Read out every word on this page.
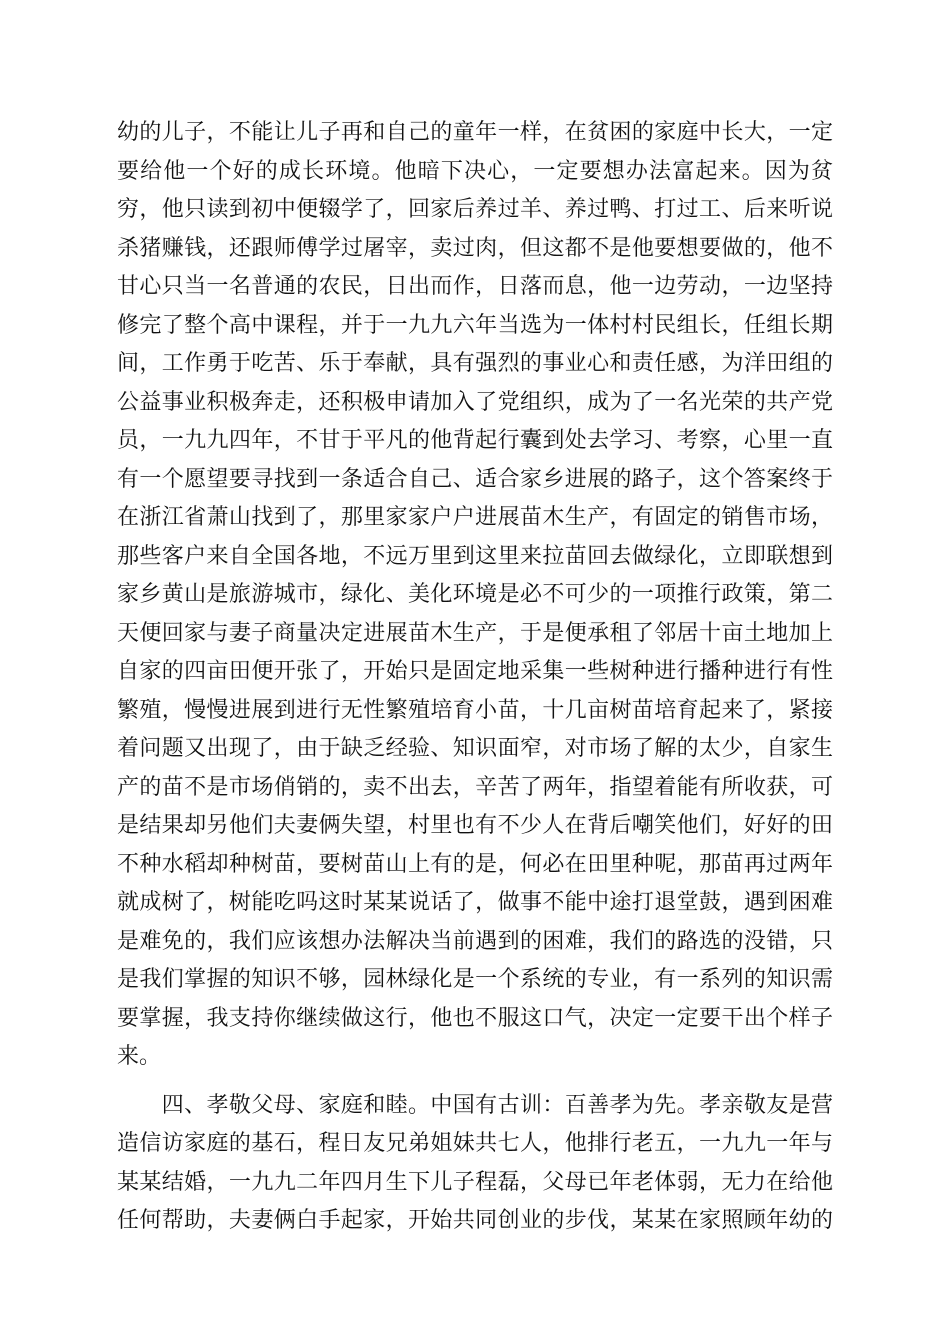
幼的儿子，不能让儿子再和自己的童年一样，在贫困的家庭中长大，一定
要给他一个好的成长环境。他暗下决心，一定要想办法富起来。因为贫
穷，他只读到初中便辍学了，回家后养过羊、养过鸭、打过工、后来听说
杀猪赚钱，还跟师傅学过屠宰，卖过肉，但这都不是他要想要做的，他不
甘心只当一名普通的农民，日出而作，日落而息，他一边劳动，一边坚持
修完了整个高中课程，并于一九九六年当选为一体村村民组长，任组长期
间，工作勇于吃苦、乐于奉献，具有强烈的事业心和责任感，为洋田组的
公益事业积极奔走，还积极申请加入了党组织，成为了一名光荣的共产党
员，一九九四年，不甘于平凡的他背起行囊到处去学习、考察，心里一直
有一个愿望要寻找到一条适合自己、适合家乡进展的路子，这个答案终于
在浙江省萧山找到了，那里家家户户进展苗木生产，有固定的销售市场，
那些客户来自全国各地，不远万里到这里来拉苗回去做绿化，立即联想到
家乡黄山是旅游城市，绿化、美化环境是必不可少的一项推行政策，第二
天便回家与妻子商量决定进展苗木生产，于是便承租了邻居十亩土地加上
自家的四亩田便开张了，开始只是固定地采集一些树种进行播种进行有性
繁殖，慢慢进展到进行无性繁殖培育小苗，十几亩树苗培育起来了，紧接
着问题又出现了，由于缺乏经验、知识面窄，对市场了解的太少，自家生
产的苗不是市场俏销的，卖不出去，辛苦了两年，指望着能有所收获，可
是结果却另他们夫妻俩失望，村里也有不少人在背后嘲笑他们，好好的田
不种水稻却种树苗，要树苗山上有的是，何必在田里种呢，那苗再过两年
就成树了，树能吃吗这时某某说话了，做事不能中途打退堂鼓，遇到困难
是难免的，我们应该想办法解决当前遇到的困难，我们的路选的没错，只
是我们掌握的知识不够，园林绿化是一个系统的专业，有一系列的知识需
要掌握，我支持你继续做这行，他也不服这口气，决定一定要干出个样子
来。
　　四、孝敬父母、家庭和睦。中国有古训：百善孝为先。孝亲敬友是营
造信访家庭的基石，程日友兄弟姐妹共七人，他排行老五，一九九一年与
某某结婚，一九九二年四月生下儿子程磊，父母已年老体弱，无力在给他
任何帮助，夫妻俩白手起家，开始共同创业的步伐，某某在家照顾年幼的
